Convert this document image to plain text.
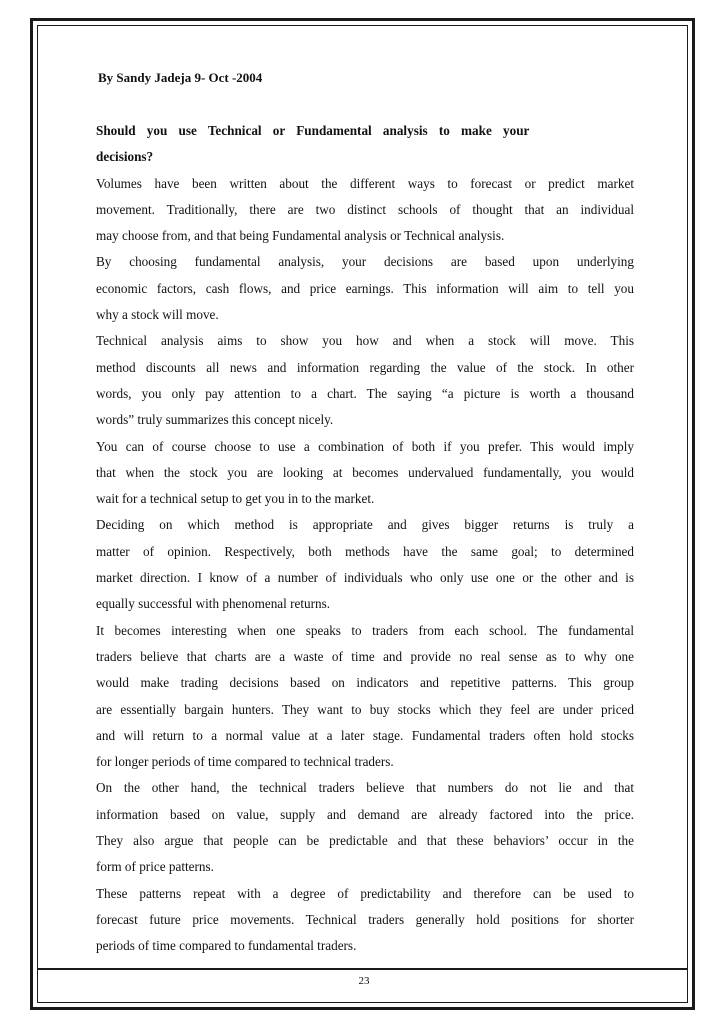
By Sandy Jadeja 9- Oct -2004
Should you use Technical or Fundamental analysis to make your
decisions?

Volumes have been written about the different ways to forecast or predict market
movement. Traditionally, there are two distinct schools of thought that an individual
may choose from, and that being Fundamental analysis or Technical analysis.

By choosing fundamental analysis, your decisions are based upon underlying
economic factors, cash flows, and price earnings. This information will aim to tell you
why a stock will move.

Technical analysis aims to show you how and when a stock will move. This
method discounts all news and information regarding the value of the stock. In other
words, you only pay attention to a chart. The saying “a picture is worth a thousand
words” truly summarizes this concept nicely.

You can of course choose to use a combination of both if you prefer. This would imply
that when the stock you are looking at becomes undervalued fundamentally, you would
wait for a technical setup to get you in to the market.

Deciding on which method is appropriate and gives bigger returns is truly a
matter of opinion. Respectively, both methods have the same goal; to determined
market direction. I know of a number of individuals who only use one or the other and is
equally successful with phenomenal returns.

It becomes interesting when one speaks to traders from each school. The fundamental
traders believe that charts are a waste of time and provide no real sense as to why one
would make trading decisions based on indicators and repetitive patterns. This group
are essentially bargain hunters. They want to buy stocks which they feel are under priced
and will return to a normal value at a later stage. Fundamental traders often hold stocks
for longer periods of time compared to technical traders.

On the other hand, the technical traders believe that numbers do not lie and that
information based on value, supply and demand are already factored into the price.
They also argue that people can be predictable and that these behaviors’ occur in the
form of price patterns.

These patterns repeat with a degree of predictability and therefore can be used to
forecast future price movements. Technical traders generally hold positions for shorter
periods of time compared to fundamental traders.

23
